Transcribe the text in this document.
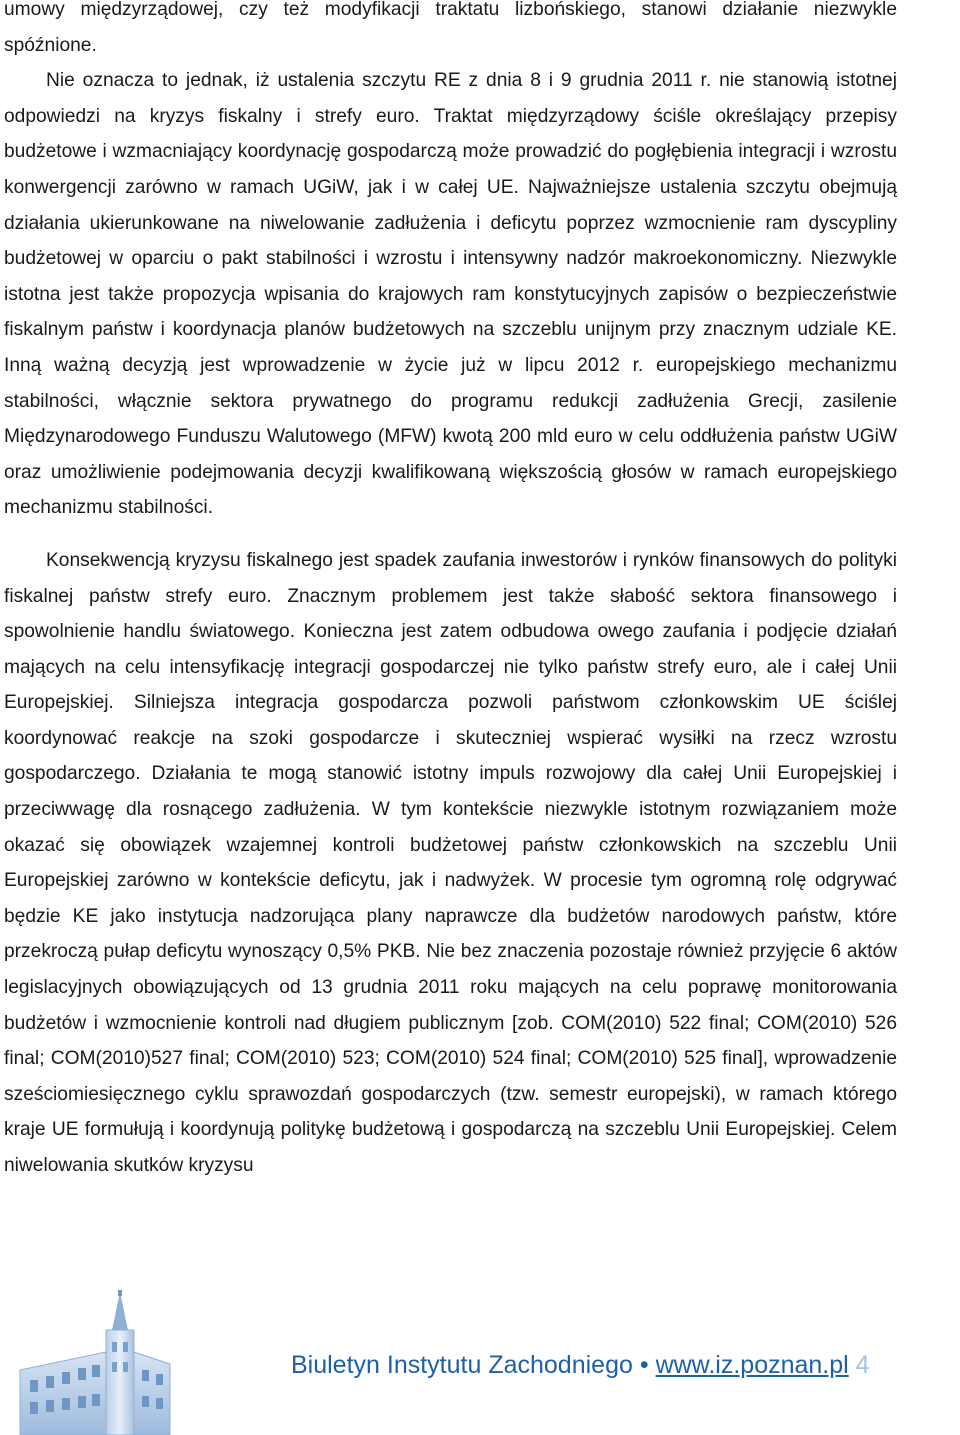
umowy międzyrządowej, czy też modyfikacji traktatu lizbońskiego, stanowi działanie niezwykle spóźnione.

Nie oznacza to jednak, iż ustalenia szczytu RE z dnia 8 i 9 grudnia 2011 r. nie stanowią istotnej odpowiedzi na kryzys fiskalny i strefy euro. Traktat międzyrządowy ściśle określający przepisy budżetowe i wzmacniający koordynację gospodarczą może prowadzić do pogłębienia integracji i wzrostu konwergencji zarówno w ramach UGiW, jak i w całej UE. Najważniejsze ustalenia szczytu obejmują działania ukierunkowane na niwelowanie zadłużenia i deficytu poprzez wzmocnienie ram dyscypliny budżetowej w oparciu o pakt stabilności i wzrostu i intensywny nadzór makroekonomiczny. Niezwykle istotna jest także propozycja wpisania do krajowych ram konstytucyjnych zapisów o bezpieczeństwie fiskalnym państw i koordynacja planów budżetowych na szczeblu unijnym przy znacznym udziale KE. Inną ważną decyzją jest wprowadzenie w życie już w lipcu 2012 r. europejskiego mechanizmu stabilności, włącznie sektora prywatnego do programu redukcji zadłużenia Grecji, zasilenie Międzynarodowego Funduszu Walutowego (MFW) kwotą 200 mld euro w celu oddłużenia państw UGiW oraz umożliwienie podejmowania decyzji kwalifikowaną większością głosów w ramach europejskiego mechanizmu stabilności.

Konsekwencją kryzysu fiskalnego jest spadek zaufania inwestorów i rynków finansowych do polityki fiskalnej państw strefy euro. Znacznym problemem jest także słabość sektora finansowego i spowolnienie handlu światowego. Konieczna jest zatem odbudowa owego zaufania i podjęcie działań mających na celu intensyfikację integracji gospodarczej nie tylko państw strefy euro, ale i całej Unii Europejskiej. Silniejsza integracja gospodarcza pozwoli państwom członkowskim UE ściślej koordynować reakcje na szoki gospodarcze i skuteczniej wspierać wysiłki na rzecz wzrostu gospodarczego. Działania te mogą stanowić istotny impuls rozwojowy dla całej Unii Europejskiej i przeciwwagę dla rosnącego zadłużenia. W tym kontekście niezwykle istotnym rozwiązaniem może okazać się obowiązek wzajemnej kontroli budżetowej państw członkowskich na szczeblu Unii Europejskiej zarówno w kontekście deficytu, jak i nadwyżek. W procesie tym ogromną rolę odgrywać będzie KE jako instytucja nadzorująca plany naprawcze dla budżetów narodowych państw, które przekroczą pułap deficytu wynoszący 0,5% PKB. Nie bez znaczenia pozostaje również przyjęcie 6 aktów legislacyjnych obowiązujących od 13 grudnia 2011 roku mających na celu poprawę monitorowania budżetów i wzmocnienie kontroli nad długiem publicznym [zob. COM(2010) 522 final; COM(2010) 526 final; COM(2010)527 final; COM(2010) 523; COM(2010) 524 final; COM(2010) 525 final], wprowadzenie sześciomiesięcznego cyklu sprawozdań gospodarczych (tzw. semestr europejski), w ramach którego kraje UE formułują i koordynują politykę budżetową i gospodarczą na szczeblu Unii Europejskiej. Celem niwelowania skutków kryzysu

Biuletyn Instytutu Zachodniego • www.iz.poznan.pl 4
